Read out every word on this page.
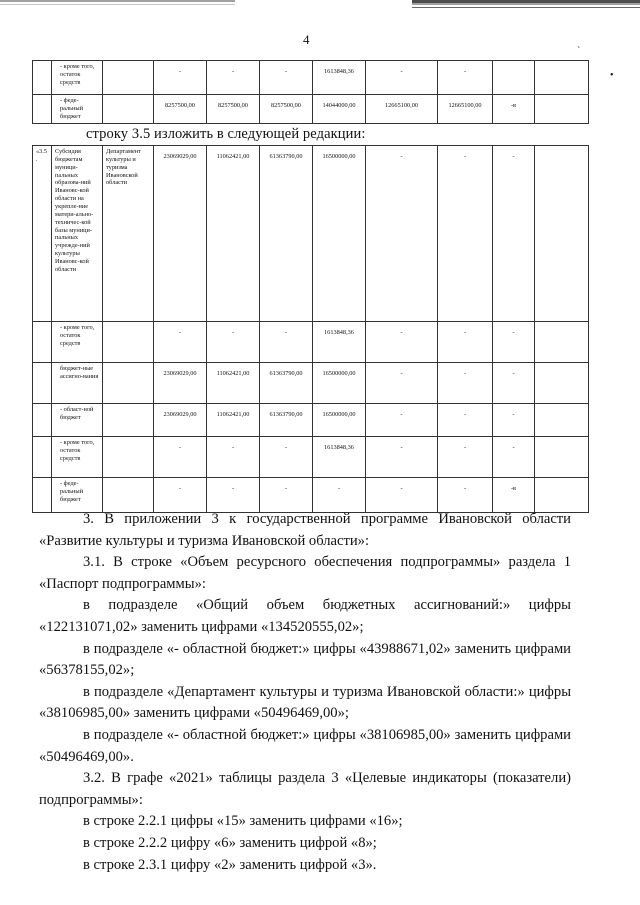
4	˴
•
	- кроме того, остаток средств		-	-	-	1613848,36	-	-		
	- феде-ральный бюджет		8257500,00	8257500,00	8257500,00	14044000,00	12665100,00	12665100,00	-в	
строку 3.5 изложить в следующей редакции:
«3.5.	Субсидия бюджетам муници-пальных образова-ний Ивановс-кой области на укрепле-ние матери-ально-техничес-кой базы муници-пальных учрежде-ний культуры Ивановс-кой области	Департамент культуры и туризма Ивановской области	23069029,00	11062421,00	61363790,00	16500000,00	-	-	-	
	- кроме того, остаток средств		-	-	-	1613848,36	-	-	-	
	бюджет-ные ассигно-вания		23069029,00	11062421,00	61363790,00	16500000,00	-	-	-	
	- област-ной бюджет		23069029,00	11062421,00	61363790,00	16500000,00	-	-	-	
	- кроме того, остаток средств		-	-	-	1613848,36	-	-	-	
	- феде-ральный бюджет		-	-	-	-	-	-	-в	

3. В приложении 3 к государственной программе Ивановской области «Развитие культуры и туризма Ивановской области»:

3.1. В строке «Объем ресурсного обеспечения подпрограммы» раздела 1 «Паспорт подпрограммы»:

в подразделе «Общий объем бюджетных ассигнований:» цифры «122131071,02» заменить цифрами «134520555,02»;

в подразделе «- областной бюджет:» цифры «43988671,02» заменить цифрами «56378155,02»;

в подразделе «Департамент культуры и туризма Ивановской области:» цифры «38106985,00» заменить цифрами «50496469,00»;

в подразделе «- областной бюджет:» цифры «38106985,00» заменить цифрами «50496469,00».

3.2. В графе «2021» таблицы раздела 3 «Целевые индикаторы (показатели) подпрограммы»:

в строке 2.2.1 цифры «15» заменить цифрами «16»;

в строке 2.2.2 цифру «6» заменить цифрой «8»;

в строке 2.3.1 цифру «2» заменить цифрой «3».
